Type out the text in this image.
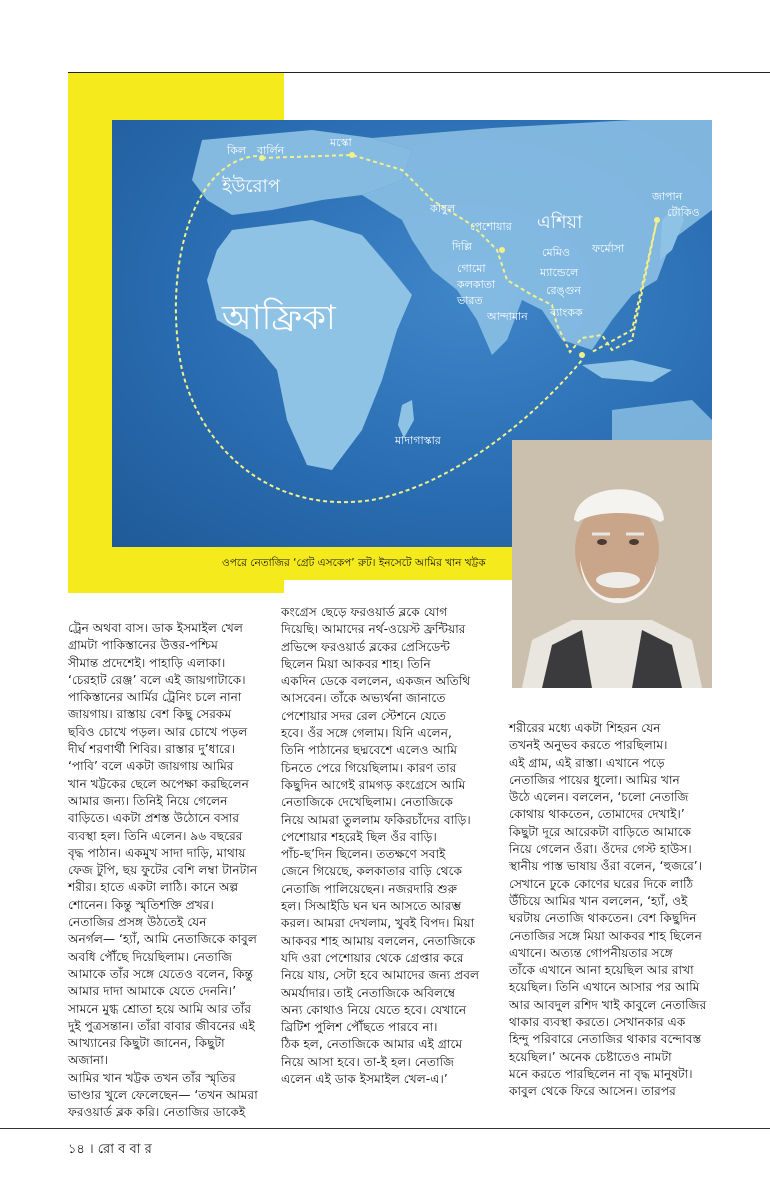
কিল বার্লিন
মস্কো
ইউরোপ
কাবুল
পেশোয়ার এশিয়া
জাপান
টোকিও
দিল্লি
গোমো
কলকাতা
ভারত
মেমিও
ম্যান্ডেলে
রেঙ্গুন
ফর্মোসা
আন্দামান ব্যাংকক
আফ্রিকা
মাদাগাস্কার
ওপরে নেতাজির ‘গ্রেট এসকেপ’ রুট। ইনসেটে আমির খান খট্টক
ট্রেন অথবা বাস। ডাক ইসমাইল খেল
গ্রামটা পাকিস্তানের উত্তর-পশ্চিম
সীমান্ত প্রদেশেই। পাহাড়ি এলাকা।
‘চেরহাট রেঞ্জ’ বলে এই জায়গাটাকে।
পাকিস্তানের আর্মির ট্রেনিং চলে নানা
জায়গায়। রাস্তায় বেশ কিছু সেরকম
ছবিও চোখে পড়ল। আর চোখে পড়ল
দীর্ঘ শরণার্থী শিবির। রাস্তার দু’ধারে।
‘পাবি’ বলে একটা জায়গায় আমির
খান খট্টকের ছেলে অপেক্ষা করছিলেন
আমার জন্য। তিনিই নিয়ে গেলেন
বাড়িতে। একটা প্রশস্ত উঠোনে বসার
ব্যবস্থা হল। তিনি এলেন। ৯৬ বছরের
বৃদ্ধ পাঠান। একমুখ সাদা দাড়ি, মাথায়
ফেজ টুপি, ছয় ফুটের বেশি লম্বা টানটান
শরীর। হাতে একটা লাঠি। কানে অল্প
শোনেন। কিন্তু স্মৃতিশক্তি প্রখর।
নেতাজির প্রসঙ্গ উঠতেই যেন
অনর্গল— ‘হ্যাঁ, আমি নেতাজিকে কাবুল
অবধি পৌঁছে দিয়েছিলাম। নেতাজি
আমাকে তাঁর সঙ্গে যেতেও বলেন, কিন্তু
আমার দাদা আমাকে যেতে দেননি।’
সামনে মুগ্ধ শ্রোতা হয়ে আমি আর তাঁর
দুই পুত্রসন্তান। তাঁরা বাবার জীবনের এই
আখ্যানের কিছুটা জানেন, কিছুটা অজানা।
আমির খান খট্টক তখন তাঁর স্মৃতির
ভাণ্ডার খুলে ফেলেছেন— ‘তখন আমরা
ফরওয়ার্ড ব্লক করি। নেতাজির ডাকেই
কংগ্রেস ছেড়ে ফরওয়ার্ড ব্লকে যোগ
দিয়েছি। আমাদের নর্থ-ওয়েস্ট ফ্রন্টিয়ার
প্রভিন্সে ফরওয়ার্ড ব্লকের প্রেসিডেন্ট
ছিলেন মিয়া আকবর শাহ। তিনি
একদিন ডেকে বললেন, একজন অতিথি
আসবেন। তাঁকে অভ্যর্থনা জানাতে
পেশোয়ার সদর রেল স্টেশনে যেতে
হবে। ওঁর সঙ্গে গেলাম। যিনি এলেন,
তিনি পাঠানের ছদ্মবেশে এলেও আমি
চিনতে পেরে গিয়েছিলাম। কারণ তার
কিছুদিন আগেই রামগড় কংগ্রেসে আমি
নেতাজিকে দেখেছিলাম। নেতাজিকে
নিয়ে আমরা তুললাম ফকিরচাঁদের বাড়ি।
পেশোয়ার শহরেই ছিল ওঁর বাড়ি।
পাঁচ-ছ’দিন ছিলেন। ততক্ষণে সবাই
জেনে গিয়েছে, কলকাতার বাড়ি থেকে
নেতাজি পালিয়েছেন। নজরদারি শুরু
হল। সিআইডি ঘন ঘন আসতে আরম্ভ
করল। আমরা দেখলাম, খুবই বিপদ। মিয়া
আকবর শাহ আমায় বললেন, নেতাজিকে
যদি ওরা পেশোয়ার থেকে গ্রেপ্তার করে
নিয়ে যায়, সেটা হবে আমাদের জন্য প্রবল
অমর্যাদার। তাই নেতাজিকে অবিলম্বে
অন্য কোথাও নিয়ে যেতে হবে। যেখানে
ব্রিটিশ পুলিশ পৌঁছতে পারবে না।
ঠিক হল, নেতাজিকে আমার এই গ্রামে
নিয়ে আসা হবে। তা-ই হল। নেতাজি
এলেন এই ডাক ইসমাইল খেল-এ।’
শরীরের মধ্যে একটা শিহরন যেন
তখনই অনুভব করতে পারছিলাম।
এই গ্রাম, এই রাস্তা। এখানে পড়ে
নেতাজির পায়ের ধুলো। আমির খান
উঠে এলেন। বললেন, ‘চলো নেতাজি
কোথায় থাকতেন, তোমাদের দেখাই।’
কিছুটা দূরে আরেকটা বাড়িতে আমাকে
নিয়ে গেলেন ওঁরা। ওঁদের গেস্ট হাউস।
স্থানীয় পাস্ত ভাষায় ওঁরা বলেন, ‘হুজরে’।
সেখানে ঢুকে কোণের ঘরের দিকে লাঠি
উঁচিয়ে আমির খান বললেন, ‘হ্যাঁ, ওই
ঘরটায় নেতাজি থাকতেন। বেশ কিছুদিন
নেতাজির সঙ্গে মিয়া আকবর শাহ ছিলেন
এখানে। অত্যন্ত গোপনীয়তার সঙ্গে
তাঁকে এখানে আনা হয়েছিল আর রাখা
হয়েছিল। তিনি এখানে আসার পর আমি
আর আবদুল রশিদ খাই কাবুলে নেতাজির
থাকার ব্যবস্থা করতে। সেখানকার এক
হিন্দু পরিবারে নেতাজির থাকার বন্দোবস্ত
হয়েছিল।’ অনেক চেষ্টাতেও নামটা
মনে করতে পারছিলেন না বৃদ্ধ মানুষটা।
কাবুল থেকে ফিরে আসেন। তারপর
১৪ । রো ব বা র
